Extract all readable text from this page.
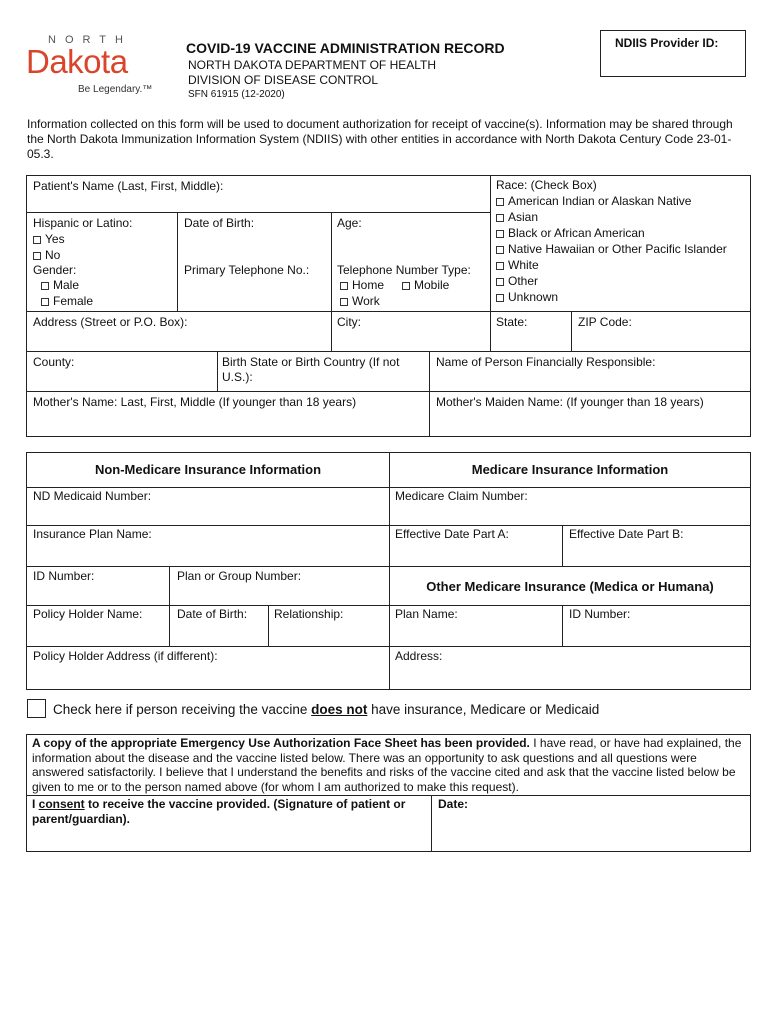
NORTH
Dakota
Be Legendary.™
COVID-19 VACCINE ADMINISTRATION RECORD
NORTH DAKOTA DEPARTMENT OF HEALTH
DIVISION OF DISEASE CONTROL
SFN 61915 (12-2020)
NDIIS Provider ID:
Information collected on this form will be used to document authorization for receipt of vaccine(s). Information may be shared through the North Dakota Immunization Information System (NDIIS) with other entities in accordance with North Dakota Century Code 23-01-05.3.
Patient's Name (Last, First, Middle):
Hispanic or Latino:
Yes
No
Gender:
Male
Female
Date of Birth:
Primary Telephone No.:
Age:
Telephone Number Type:
Home	Mobile
Work
Race: (Check Box)
American Indian or Alaskan Native
Asian
Black or African American
Native Hawaiian or Other Pacific Islander
White
Other
Unknown
Address (Street or P.O. Box):	City:	State:	ZIP Code:
County:	Birth State or Birth Country (If not U.S.):
Name of Person Financially Responsible:
Mother's Name: Last, First, Middle (If younger than 18 years)	Mother's Maiden Name: (If younger than 18 years)
Non-Medicare Insurance Information	Medicare Insurance Information
ND Medicaid Number:	Medicare Claim Number:
Insurance Plan Name:	Effective Date Part A:	Effective Date Part B:
ID Number:	Plan or Group Number:
Other Medicare Insurance (Medica or Humana)
Policy Holder Name:	Date of Birth: Relationship:	Plan Name:	ID Number:
Policy Holder Address (if different):	Address:
Check here if person receiving the vaccine does not have insurance, Medicare or Medicaid
A copy of the appropriate Emergency Use Authorization Face Sheet has been provided. I have read, or have had explained, the information about the disease and the vaccine listed below. There was an opportunity to ask questions and all questions were answered satisfactorily. I believe that I understand the benefits and risks of the vaccine cited and ask that the vaccine listed below be given to me or to the person named above (for whom I am authorized to make this request).
I consent to receive the vaccine provided. (Signature of patient or parent/guardian).
Date:
